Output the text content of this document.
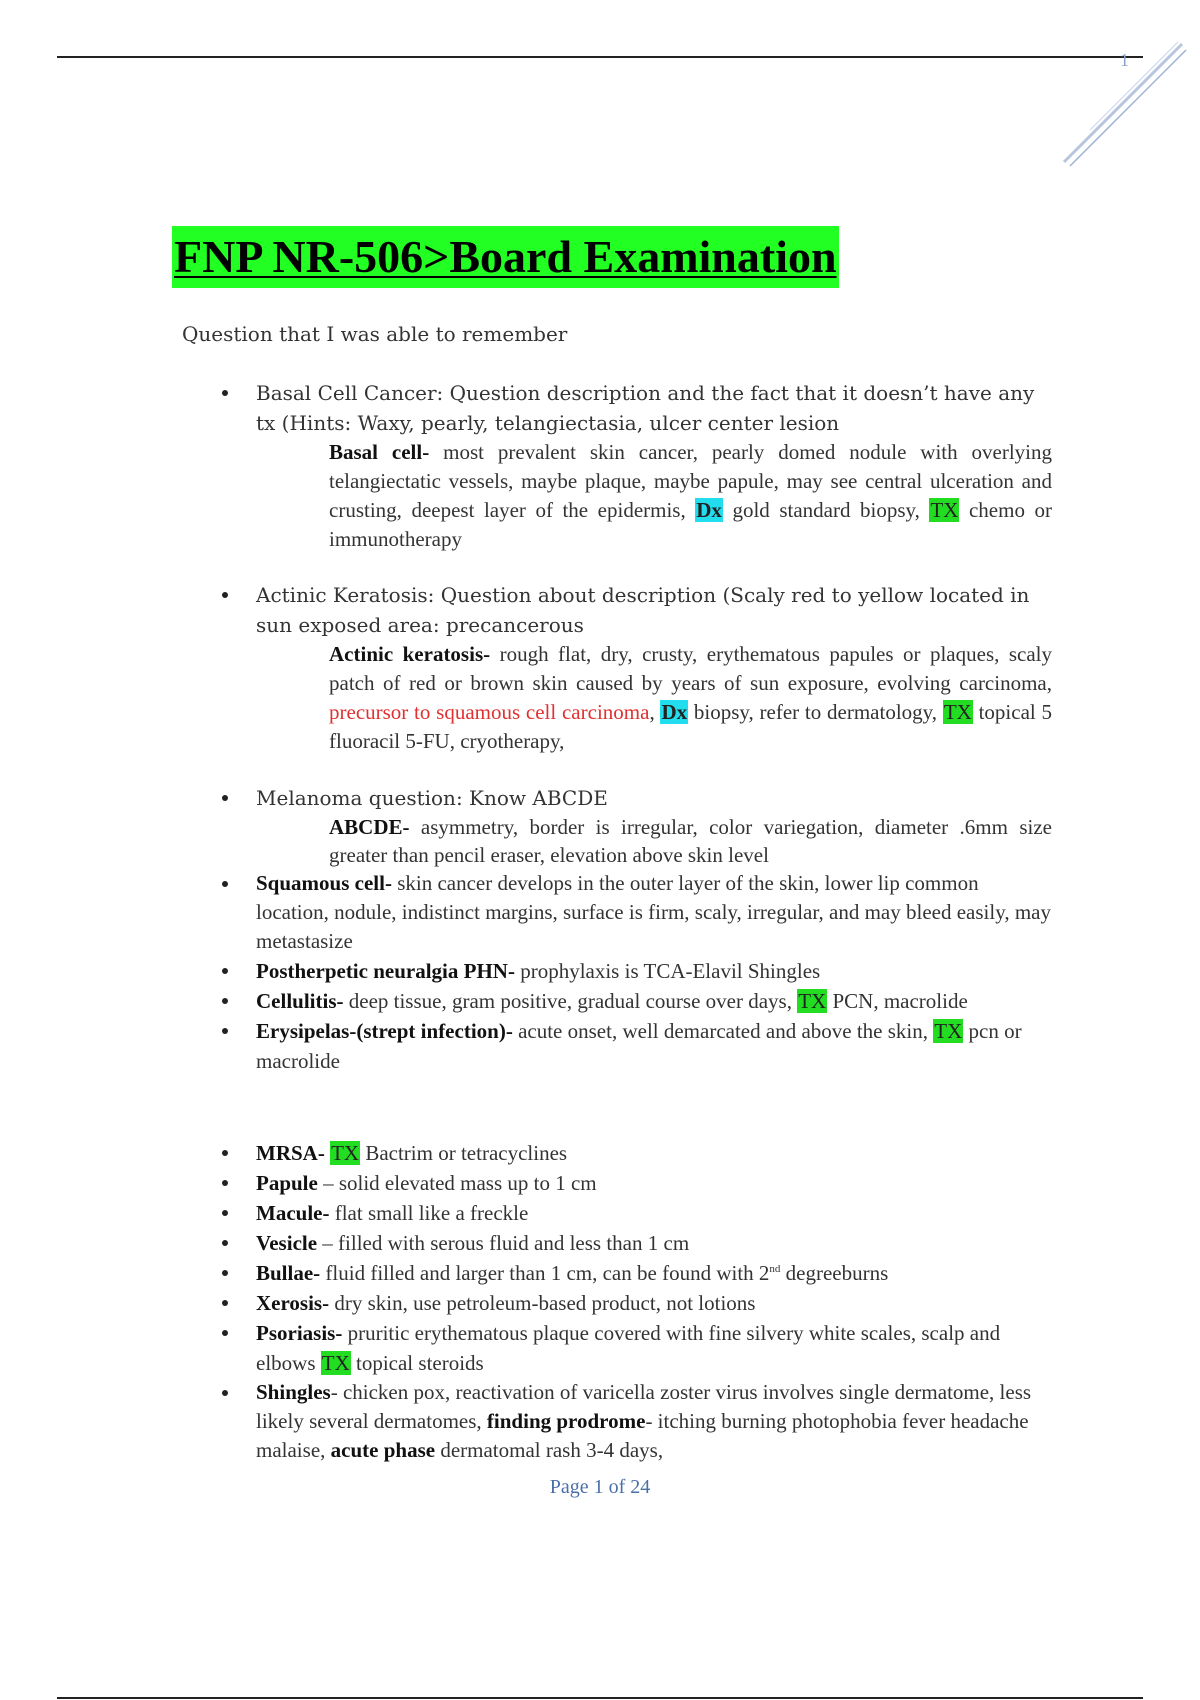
1
FNP NR-506>Board Examination
Question that I was able to remember
Basal Cell Cancer: Question description and the fact that it doesn’t have any tx (Hints: Waxy, pearly, telangiectasia, ulcer center lesion

Basal cell- most prevalent skin cancer, pearly domed nodule with overlying telangiectatic vessels, maybe plaque, maybe papule, may see central ulceration and crusting, deepest layer of the epidermis, Dx gold standard biopsy, TX chemo or immunotherapy

Actinic Keratosis: Question about description (Scaly red to yellow located in sun exposed area: precancerous

Actinic keratosis- rough flat, dry, crusty, erythematous papules or plaques, scaly patch of red or brown skin caused by years of sun exposure, evolving carcinoma, precursor to squamous cell carcinoma, Dx biopsy, refer to dermatology, TX topical 5 fluoracil 5-FU, cryotherapy,

Melanoma question: Know ABCDE

ABCDE- asymmetry, border is irregular, color variegation, diameter .6mm size greater than pencil eraser, elevation above skin level

Squamous cell- skin cancer develops in the outer layer of the skin, lower lip common location, nodule, indistinct margins, surface is firm, scaly, irregular, and may bleed easily, may metastasize
Postherpetic neuralgia PHN- prophylaxis is TCA-Elavil Shingles
Cellulitis- deep tissue, gram positive, gradual course over days, TX PCN, macrolide
Erysipelas-(strept infection)- acute onset, well demarcated and above the skin, TX pcn or macrolide
MRSA- TX Bactrim or tetracyclines
Papule – solid elevated mass up to 1 cm
Macule- flat small like a freckle
Vesicle – filled with serous fluid and less than 1 cm
Bullae- fluid filled and larger than 1 cm, can be found with 2nd degreeburns
Xerosis- dry skin, use petroleum-based product, not lotions
Psoriasis- pruritic erythematous plaque covered with fine silvery white scales, scalp and elbows TX topical steroids
Shingles- chicken pox, reactivation of varicella zoster virus involves single dermatome, less likely several dermatomes, finding prodrome- itching burning photophobia fever headache malaise, acute phase dermatomal rash 3-4 days,
Page 1 of 24
